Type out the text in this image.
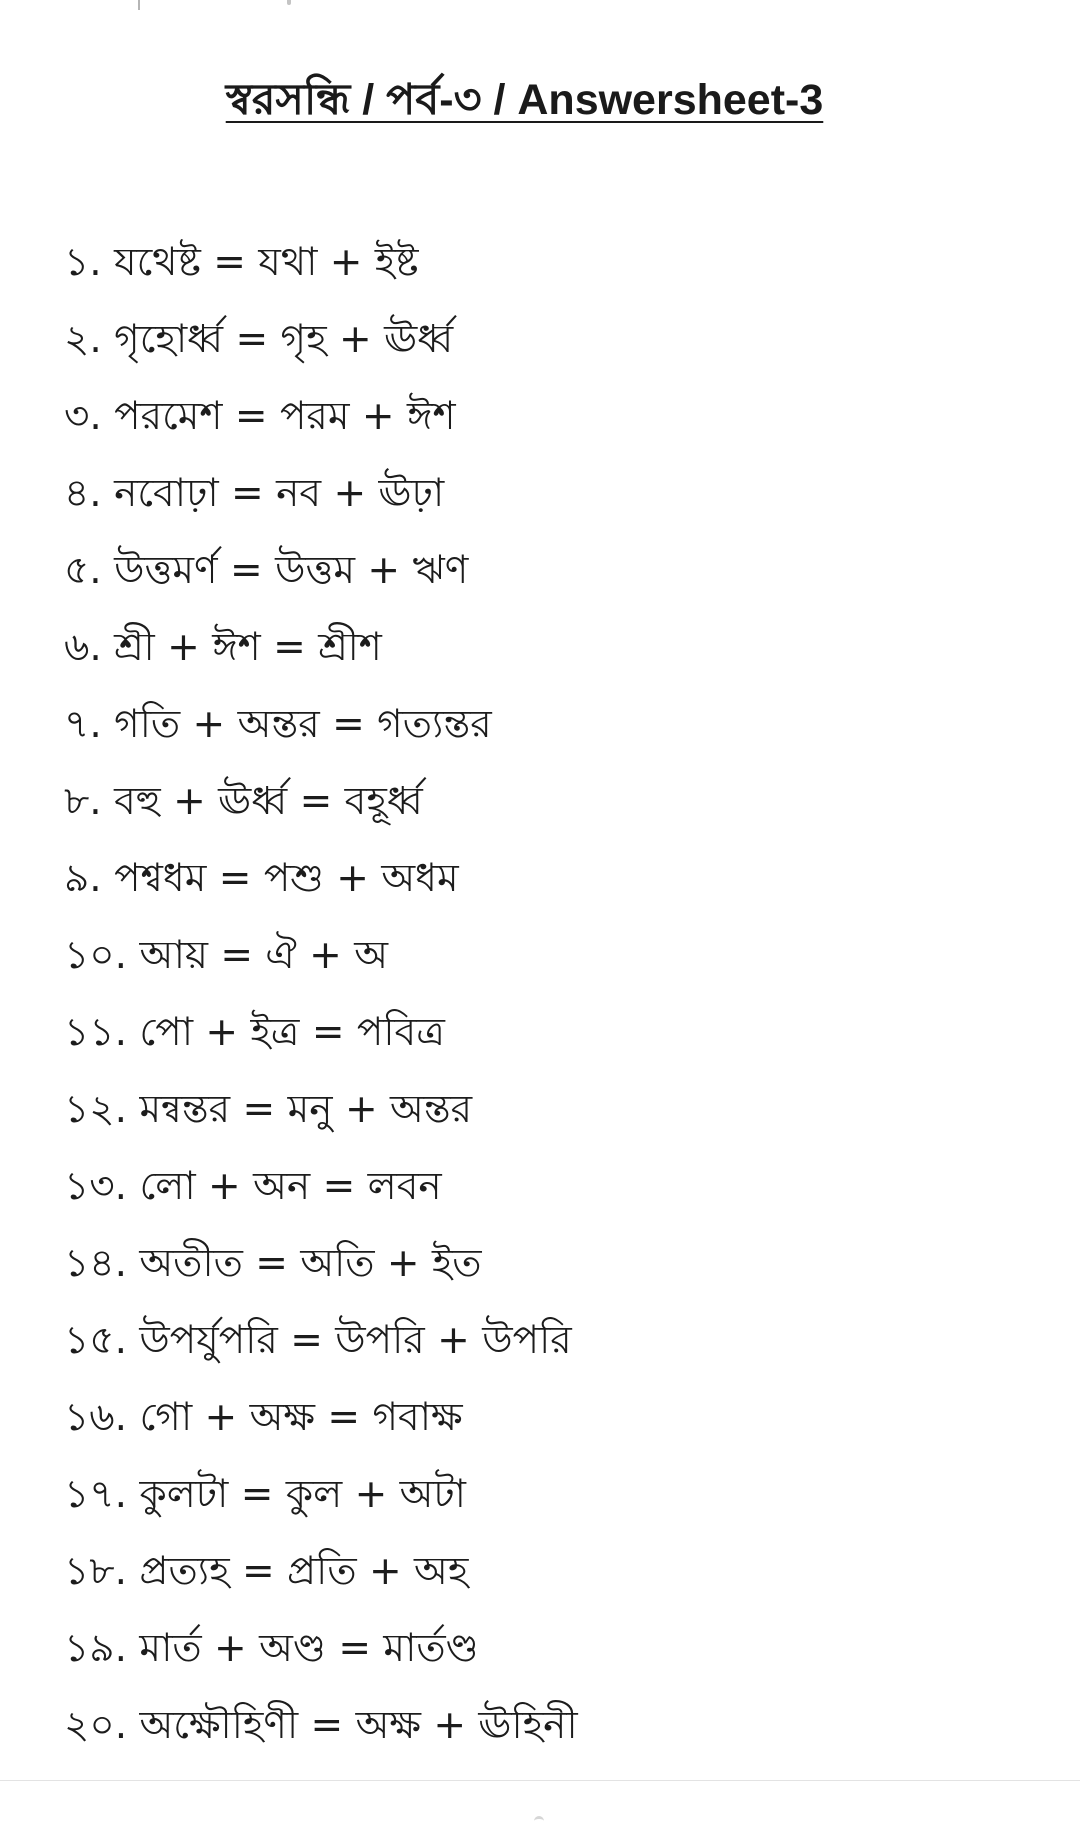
স্বরসন্ধি / পর্ব-৩ / Answersheet-3
১. যথেষ্ট = যথা + ইষ্ট
২. গৃহোর্ধ্ব = গৃহ + ঊর্ধ্ব
৩. পরমেশ = পরম + ঈশ
৪. নবোঢ়া = নব + ঊঢ়া
৫. উত্তমর্ণ = উত্তম + ঋণ
৬. শ্রী + ঈশ = শ্রীশ
৭. গতি + অন্তর = গত্যন্তর
৮. বহু + ঊর্ধ্ব = বহূর্ধ্ব
৯. পশ্বধম = পশু + অধম
১০. আয় = ঐ + অ
১১. পো + ইত্র = পবিত্র
১২. মন্বন্তর = মনু + অন্তর
১৩. লো + অন = লবন
১৪. অতীত = অতি + ইত
১৫. উপর্যুপরি = উপরি + উপরি
১৬. গো + অক্ষ = গবাক্ষ
১৭. কুলটা = কুল + অটা
১৮. প্রত্যহ = প্রতি + অহ
১৯. মার্ত + অণ্ড = মার্তণ্ড
২০. অক্ষৌহিণী = অক্ষ + ঊহিনী
